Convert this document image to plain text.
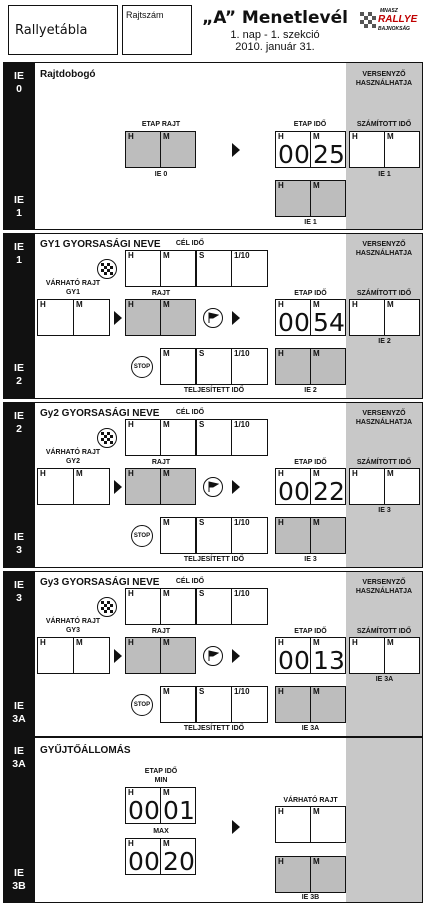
Rallyetábla
Rajtszám „A” Menetlevél
1. nap - 1. szekció
2010. január 31.
MNASZ
RALLYE
BAJNOKSÁG
IE
0
IE
1
Rajtdobogó	VERSENYZŐ
HASZNÁLHATJA
ETAP RAJT
H	M
IE 0
ETAP IDŐ
H
0 0
M
2 5
SZÁMÍTOTT IDŐ
H	M
IE 1
H	M
IE 1
IE
1
IE
2
GY1 GYORSASÁGI NEVE	VERSENYZŐ
HASZNÁLHATJA
CÉL IDŐ
H	M	S	1/10
VÁRHATÓ RAJT
GY1
H	M
RAJT
H	M
ETAP IDŐ
H
0 0
M
5 4
SZÁMÍTOTT IDŐ
H	M
IE 2
STOP
M	S	1/10
TELJESÍTETT IDŐ
H	M
IE 2
IE
2
IE
3
Gy2 GYORSASÁGI NEVE	VERSENYZŐ
HASZNÁLHATJA
CÉL IDŐ
H	M	S	1/10
VÁRHATÓ RAJT
GY2
H	M
RAJT
H	M
ETAP IDŐ
H
0 0
M
2 2
SZÁMÍTOTT IDŐ
H	M
IE 3
STOP
M	S	1/10
TELJESÍTETT IDŐ
H	M
IE 3
IE
3
IE
3A
Gy3 GYORSASÁGI NEVE	VERSENYZŐ
HASZNÁLHATJA
CÉL IDŐ
H	M	S	1/10
VÁRHATÓ RAJT
GY3
H	M
RAJT
H	M
ETAP IDŐ
H
0 0
M
1 3
SZÁMÍTOTT IDŐ
H	M
IE 3A
STOP
M	S	1/10
TELJESÍTETT IDŐ
H	M
IE 3A
IE
3A
IE
3B
GYŰJTŐÁLLOMÁS
ETAP IDŐ
MIN
H
0 0
M
0 1
MAX
H
0 0
M
2 0
VÁRHATÓ RAJT
H	M
H	M
IE 3B
